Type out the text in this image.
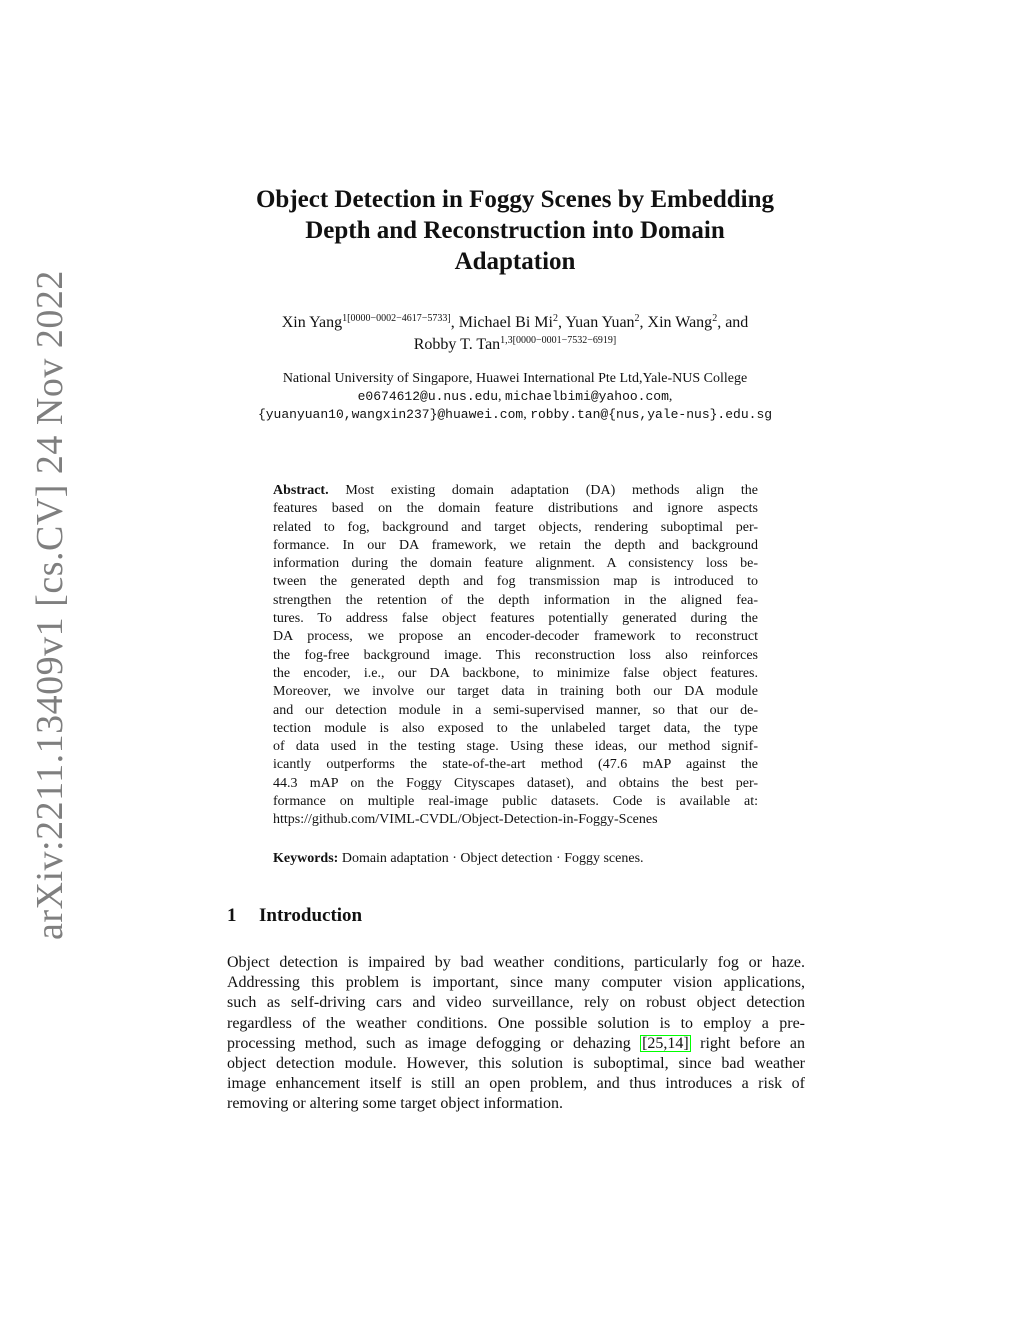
arXiv:2211.13409v1 [cs.CV] 24 Nov 2022
Object Detection in Foggy Scenes by Embedding
Depth and Reconstruction into Domain
Adaptation
Xin Yang$^{1[0000-0002-4617-5733]}$, Michael Bi Mi$^2$, Yuan Yuan$^2$, Xin Wang$^2$, and
Robby T. Tan$^{1,3[0000-0001-7532-6919]}$
National University of Singapore, Huawei International Pte Ltd,Yale-NUS College
e0674612@u.nus.edu, michaelbimi@yahoo.com,
{yuanyuan10,wangxin237}@huawei.com, robby.tan@{nus,yale-nus}.edu.sg
Abstract. Most existing domain adaptation (DA) methods align the
features based on the domain feature distributions and ignore aspects
related to fog, background and target objects, rendering suboptimal per-
formance. In our DA framework, we retain the depth and background
information during the domain feature alignment. A consistency loss be-
tween the generated depth and fog transmission map is introduced to
strengthen the retention of the depth information in the aligned fea-
tures. To address false object features potentially generated during the
DA process, we propose an encoder-decoder framework to reconstruct
the fog-free background image. This reconstruction loss also reinforces
the encoder, i.e., our DA backbone, to minimize false object features.
Moreover, we involve our target data in training both our DA module
and our detection module in a semi-supervised manner, so that our de-
tection module is also exposed to the unlabeled target data, the type
of data used in the testing stage. Using these ideas, our method signif-
icantly outperforms the state-of-the-art method (47.6 mAP against the
44.3 mAP on the Foggy Cityscapes dataset), and obtains the best per-
formance on multiple real-image public datasets. Code is available at:
https://github.com/VIML-CVDL/Object-Detection-in-Foggy-Scenes
Keywords: Domain adaptation · Object detection · Foggy scenes.
1 Introduction
Object detection is impaired by bad weather conditions, particularly fog or haze.
Addressing this problem is important, since many computer vision applications,
such as self-driving cars and video surveillance, rely on robust object detection
regardless of the weather conditions. One possible solution is to employ a pre-
processing method, such as image defogging or dehazing [25,14] right before an
object detection module. However, this solution is suboptimal, since bad weather
image enhancement itself is still an open problem, and thus introduces a risk of
removing or altering some target object information.
